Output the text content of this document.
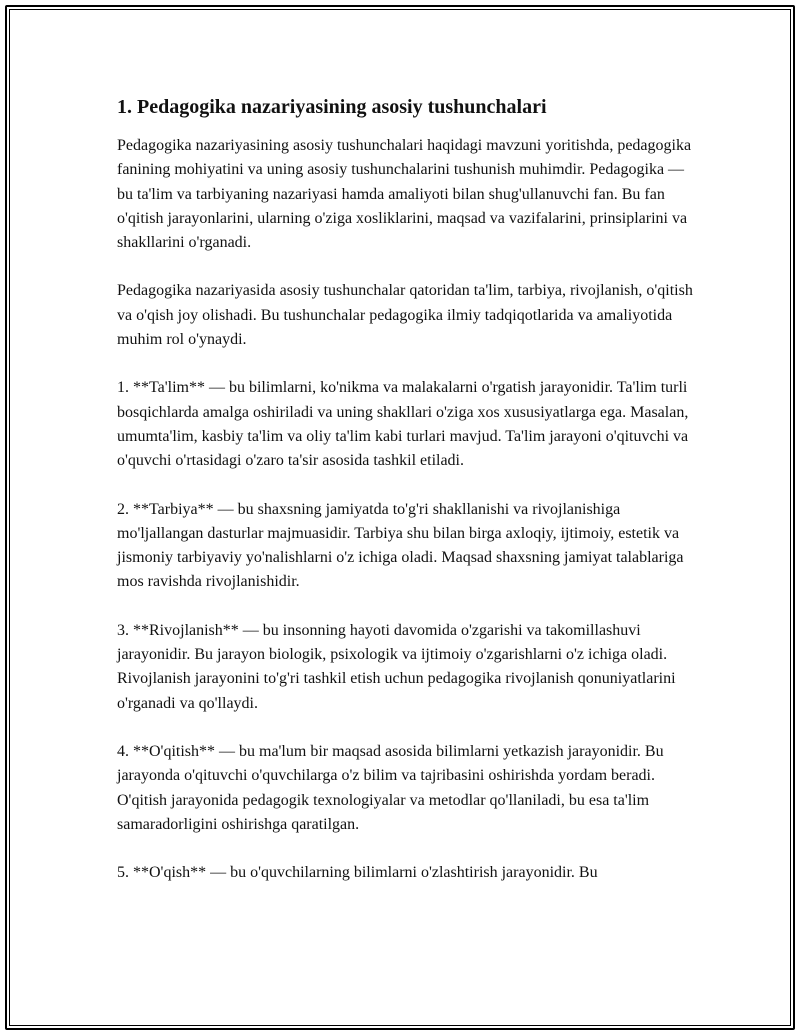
1. Pedagogika nazariyasining asosiy tushunchalari

Pedagogika nazariyasining asosiy tushunchalari haqidagi mavzuni yoritishda, pedagogika fanining mohiyatini va uning asosiy tushunchalarini tushunish muhimdir. Pedagogika — bu ta'lim va tarbiyaning nazariyasi hamda amaliyoti bilan shug'ullanuvchi fan. Bu fan o'qitish jarayonlarini, ularning o'ziga xosliklarini, maqsad va vazifalarini, prinsiplarini va shakllarini o'rganadi.

Pedagogika nazariyasida asosiy tushunchalar qatoridan ta'lim, tarbiya, rivojlanish, o'qitish va o'qish joy olishadi. Bu tushunchalar pedagogika ilmiy tadqiqotlarida va amaliyotida muhim rol o'ynaydi.

1. **Ta'lim** — bu bilimlarni, ko'nikma va malakalarni o'rgatish jarayonidir. Ta'lim turli bosqichlarda amalga oshiriladi va uning shakllari o'ziga xos xususiyatlarga ega. Masalan, umumta'lim, kasbiy ta'lim va oliy ta'lim kabi turlari mavjud. Ta'lim jarayoni o'qituvchi va o'quvchi o'rtasidagi o'zaro ta'sir asosida tashkil etiladi.

2. **Tarbiya** — bu shaxsning jamiyatda to'g'ri shakllanishi va rivojlanishiga mo'ljallangan dasturlar majmuasidir. Tarbiya shu bilan birga axloqiy, ijtimoiy, estetik va jismoniy tarbiyaviy yo'nalishlarni o'z ichiga oladi. Maqsad shaxsning jamiyat talablariga mos ravishda rivojlanishidir.

3. **Rivojlanish** — bu insonning hayoti davomida o'zgarishi va takomillashuvi jarayonidir. Bu jarayon biologik, psixologik va ijtimoiy o'zgarishlarni o'z ichiga oladi. Rivojlanish jarayonini to'g'ri tashkil etish uchun pedagogika rivojlanish qonuniyatlarini o'rganadi va qo'llaydi.

4. **O'qitish** — bu ma'lum bir maqsad asosida bilimlarni yetkazish jarayonidir. Bu jarayonda o'qituvchi o'quvchilarga o'z bilim va tajribasini oshirishda yordam beradi. O'qitish jarayonida pedagogik texnologiyalar va metodlar qo'llaniladi, bu esa ta'lim samaradorligini oshirishga qaratilgan.

5. **O'qish** — bu o'quvchilarning bilimlarni o'zlashtirish jarayonidir. Bu
